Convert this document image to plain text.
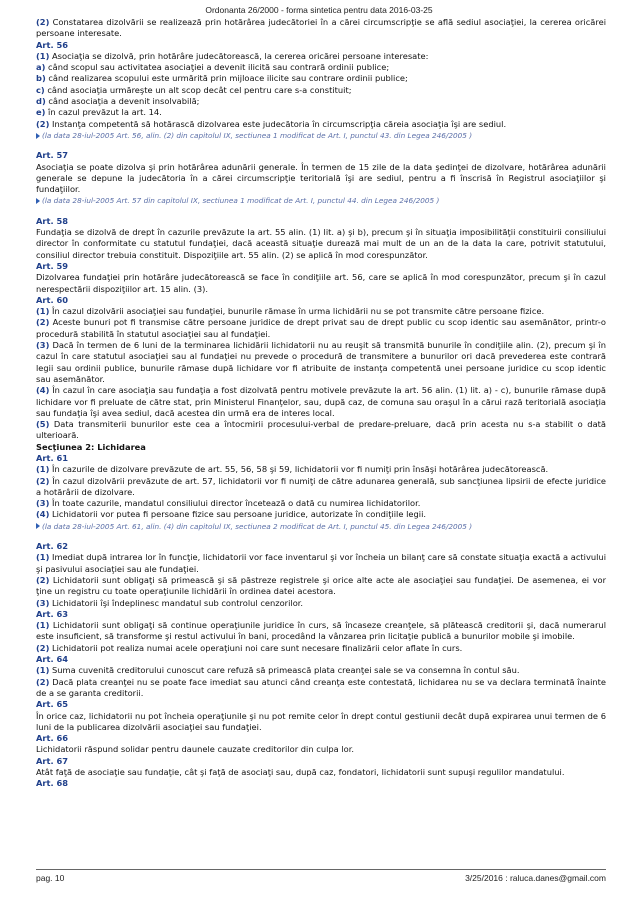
Ordonanta 26/2000 - forma sintetica pentru data 2016-03-25
(2) Constatarea dizolvării se realizează prin hotărârea judecătoriei în a cărei circumscripţie se află sediul asociaţiei, la cererea oricărei persoane interesate.
Art. 56
(1) Asociaţia se dizolvă, prin hotărâre judecătorească, la cererea oricărei persoane interesate:
a) când scopul sau activitatea asociaţiei a devenit ilicită sau contrară ordinii publice;
b) când realizarea scopului este urmărită prin mijloace ilicite sau contrare ordinii publice;
c) când asociaţia urmăreşte un alt scop decât cel pentru care s-a constituit;
d) când asociaţia a devenit insolvabilă;
e) în cazul prevăzut la art. 14.
(2) Instanţa competentă să hotărască dizolvarea este judecătoria în circumscripţia căreia asociaţia îşi are sediul.
(la data 28-iul-2005 Art. 56, alin. (2) din capitolul IX, sectiunea 1 modificat de Art. I, punctul 43. din Legea 246/2005 )
Art. 57
Asociaţia se poate dizolva şi prin hotărârea adunării generale. În termen de 15 zile de la data şedinţei de dizolvare, hotărârea adunării generale se depune la judecătoria în a cărei circumscripţie teritorială îşi are sediul, pentru a fi înscrisă în Registrul asociaţiilor şi fundaţiilor.
(la data 28-iul-2005 Art. 57 din capitolul IX, sectiunea 1 modificat de Art. I, punctul 44. din Legea 246/2005 )
Art. 58
Fundaţia se dizolvă de drept în cazurile prevăzute la art. 55 alin. (1) lit. a) şi b), precum şi în situaţia imposibilităţii constituirii consiliului director în conformitate cu statutul fundaţiei, dacă această situaţie durează mai mult de un an de la data la care, potrivit statutului, consiliul director trebuia constituit. Dispoziţiile art. 55 alin. (2) se aplică în mod corespunzător.
Art. 59
Dizolvarea fundaţiei prin hotărâre judecătorească se face în condiţiile art. 56, care se aplică în mod corespunzător, precum şi în cazul nerespectării dispoziţiilor art. 15 alin. (3).
Art. 60
(1) În cazul dizolvării asociaţiei sau fundaţiei, bunurile rămase în urma lichidării nu se pot transmite către persoane fizice.
(2) Aceste bunuri pot fi transmise către persoane juridice de drept privat sau de drept public cu scop identic sau asemănător, printr-o procedură stabilită în statutul asociaţiei sau al fundaţiei.
(3) Dacă în termen de 6 luni de la terminarea lichidării lichidatorii nu au reuşit să transmită bunurile în condiţiile alin. (2), precum şi în cazul în care statutul asociaţiei sau al fundaţiei nu prevede o procedură de transmitere a bunurilor ori dacă prevederea este contrară legii sau ordinii publice, bunurile rămase după lichidare vor fi atribuite de instanţa competentă unei persoane juridice cu scop identic sau asemănător.
(4) În cazul în care asociaţia sau fundaţia a fost dizolvată pentru motivele prevăzute la art. 56 alin. (1) lit. a) - c), bunurile rămase după lichidare vor fi preluate de către stat, prin Ministerul Finanţelor, sau, după caz, de comuna sau oraşul în a cărui rază teritorială asociaţia sau fundaţia îşi avea sediul, dacă acestea din urmă era de interes local.
(5) Data transmiterii bunurilor este cea a întocmirii procesului-verbal de predare-preluare, dacă prin acesta nu s-a stabilit o dată ulterioară.
Secţiunea 2: Lichidarea
Art. 61
(1) În cazurile de dizolvare prevăzute de art. 55, 56, 58 şi 59, lichidatorii vor fi numiţi prin însăşi hotărârea judecătorească.
(2) În cazul dizolvării prevăzute de art. 57, lichidatorii vor fi numiţi de către adunarea generală, sub sancţiunea lipsirii de efecte juridice a hotărârii de dizolvare.
(3) În toate cazurile, mandatul consiliului director încetează o dată cu numirea lichidatorilor.
(4) Lichidatorii vor putea fi persoane fizice sau persoane juridice, autorizate în condiţiile legii.
(la data 28-iul-2005 Art. 61, alin. (4) din capitolul IX, sectiunea 2 modificat de Art. I, punctul 45. din Legea 246/2005 )
Art. 62
(1) Imediat după intrarea lor în funcţie, lichidatorii vor face inventarul şi vor încheia un bilanţ care să constate situaţia exactă a activului şi pasivului asociaţiei sau ale fundaţiei.
(2) Lichidatorii sunt obligaţi să primească şi să păstreze registrele şi orice alte acte ale asociaţiei sau fundaţiei. De asemenea, ei vor ţine un registru cu toate operaţiunile lichidării în ordinea datei acestora.
(3) Lichidatorii îşi îndeplinesc mandatul sub controlul cenzorilor.
Art. 63
(1) Lichidatorii sunt obligaţi să continue operaţiunile juridice în curs, să încaseze creanţele, să plătească creditorii şi, dacă numerarul este insuficient, să transforme şi restul activului în bani, procedând la vânzarea prin licitaţie publică a bunurilor mobile şi imobile.
(2) Lichidatorii pot realiza numai acele operaţiuni noi care sunt necesare finalizării celor aflate în curs.
Art. 64
(1) Suma cuvenită creditorului cunoscut care refuză să primească plata creanţei sale se va consemna în contul său.
(2) Dacă plata creanţei nu se poate face imediat sau atunci când creanţa este contestată, lichidarea nu se va declara terminată înainte de a se garanta creditorii.
Art. 65
În orice caz, lichidatorii nu pot încheia operaţiunile şi nu pot remite celor în drept contul gestiunii decât după expirarea unui termen de 6 luni de la publicarea dizolvării asociaţiei sau fundaţiei.
Art. 66
Lichidatorii răspund solidar pentru daunele cauzate creditorilor din culpa lor.
Art. 67
Atât faţă de asociaţie sau fundaţie, cât şi faţă de asociaţi sau, după caz, fondatori, lichidatorii sunt supuşi regulilor mandatului.
Art. 68
pag. 10	3/25/2016 : raluca.danes@gmail.com
